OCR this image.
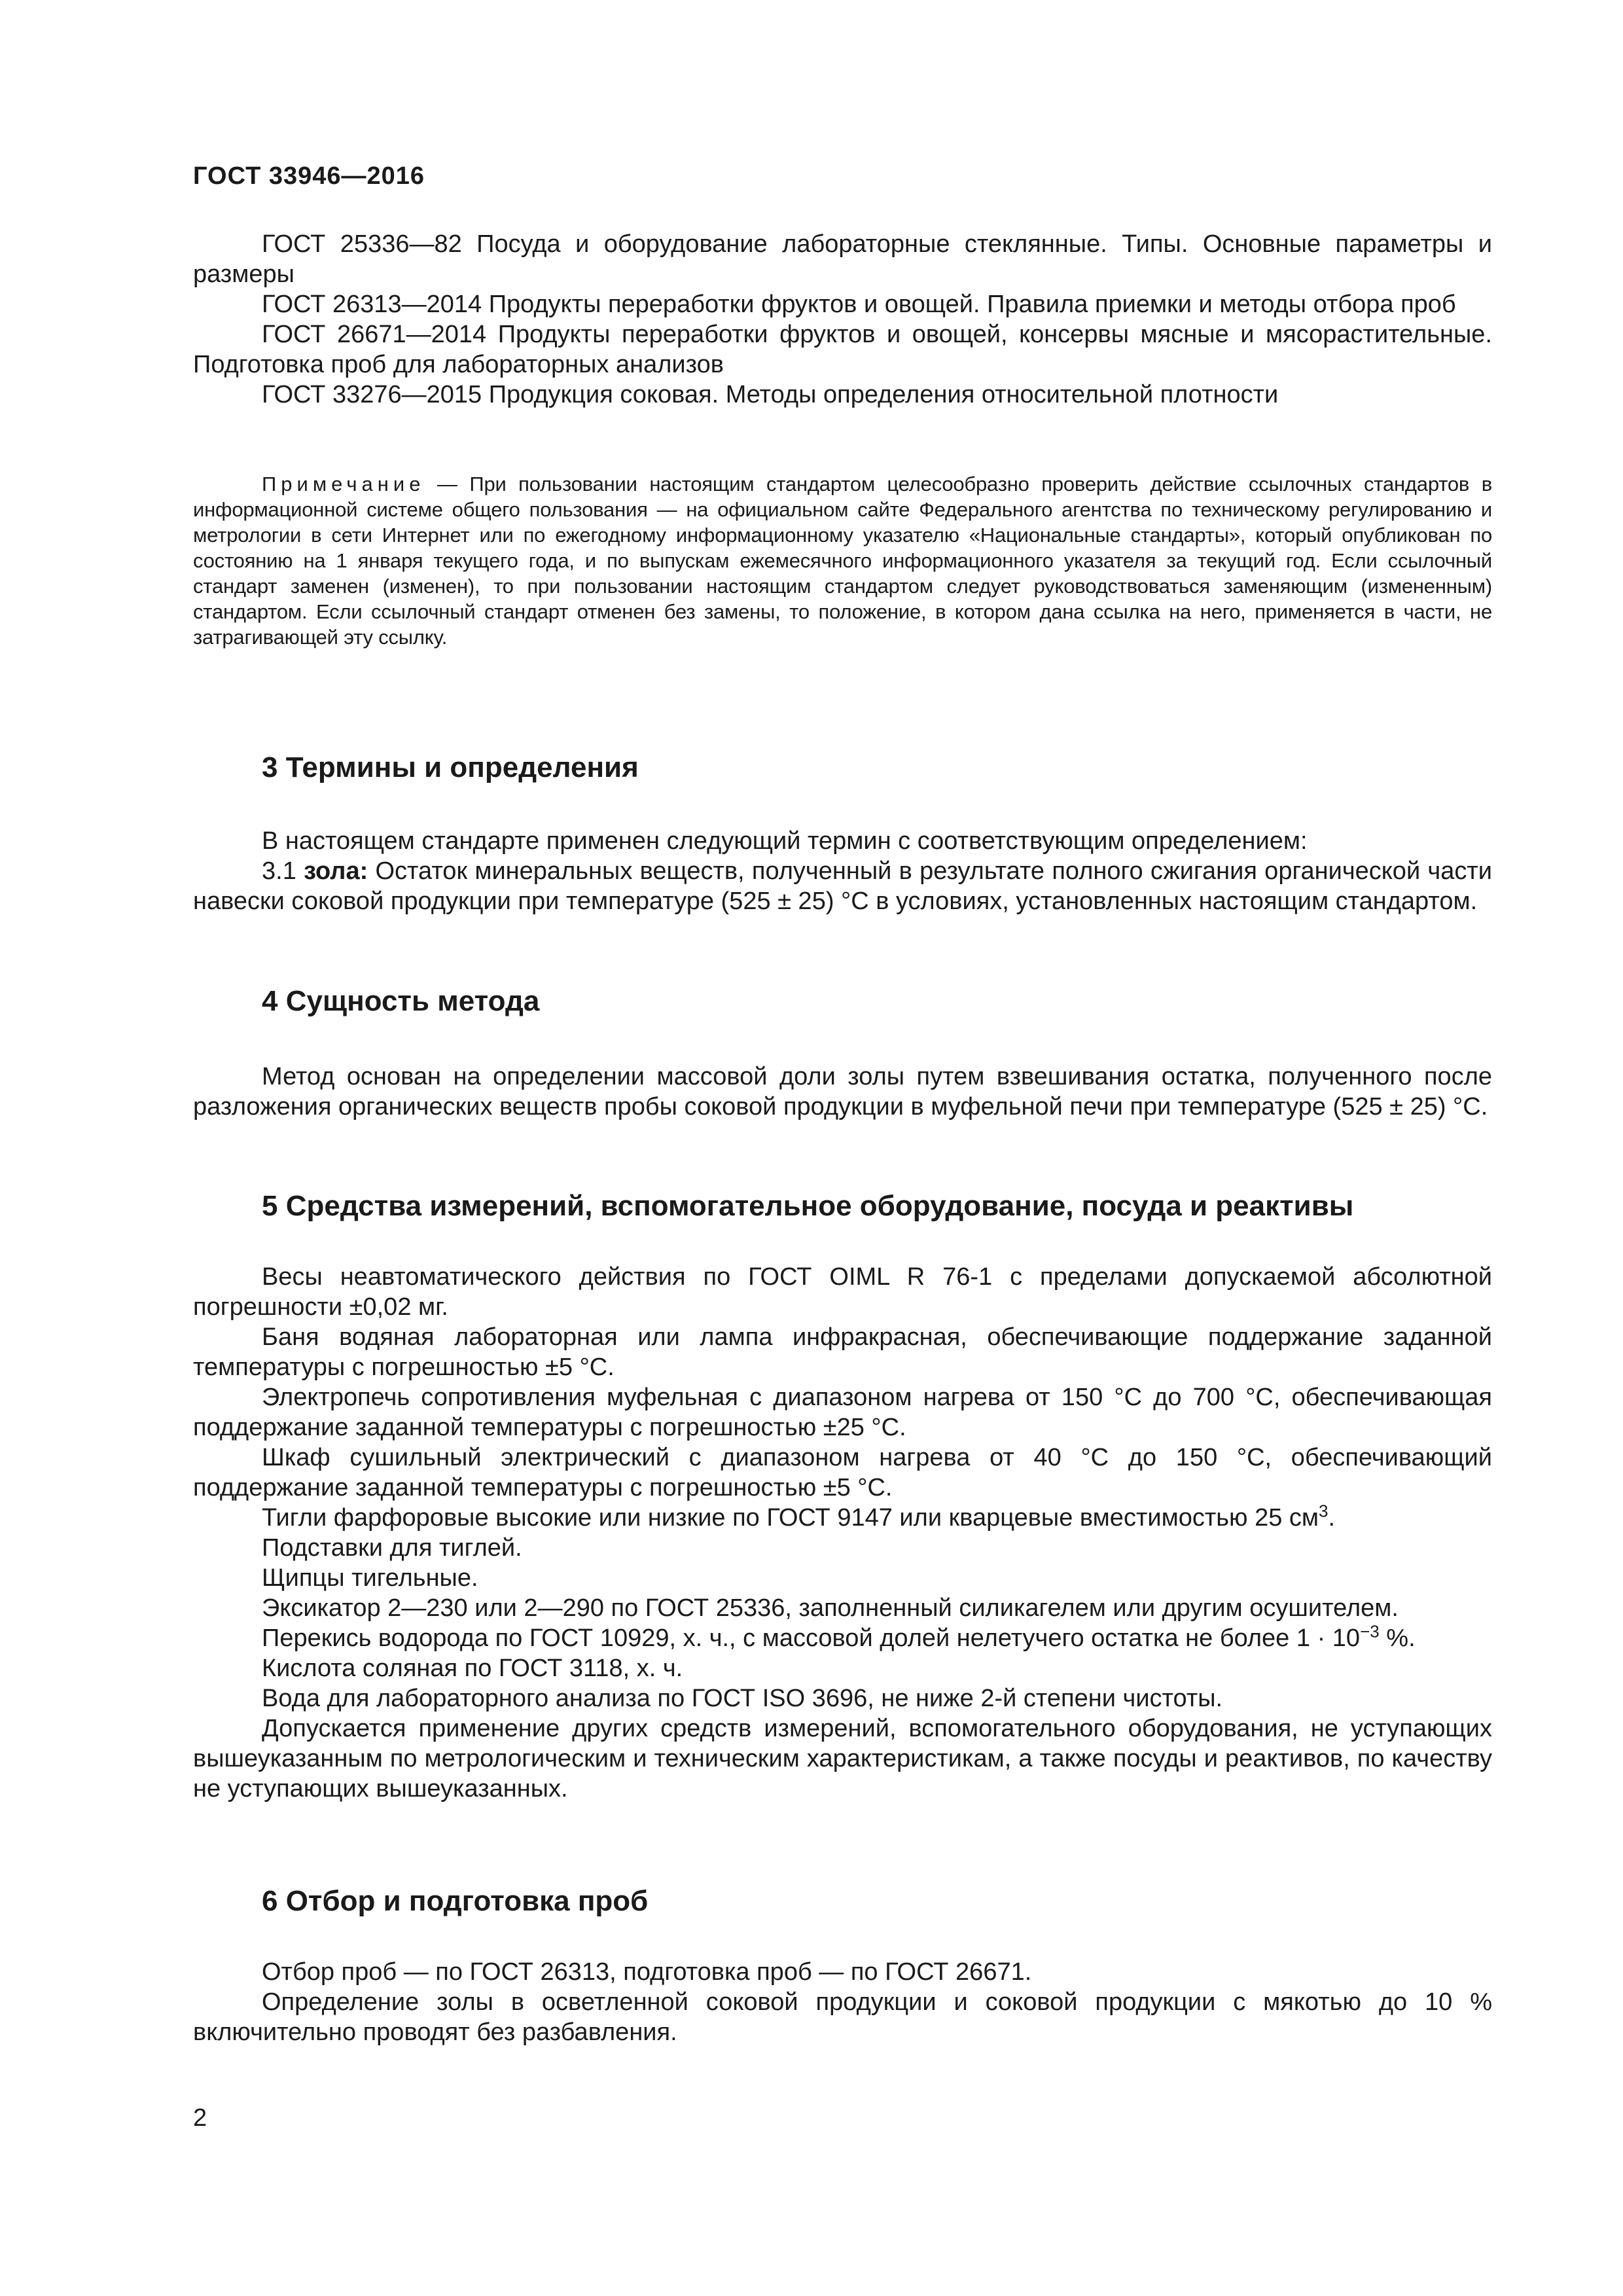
ГОСТ 33946—2016

ГОСТ 25336—82 Посуда и оборудование лабораторные стеклянные. Типы. Основные параметры и размеры

ГОСТ 26313—2014 Продукты переработки фруктов и овощей. Правила приемки и методы отбора проб

ГОСТ 26671—2014 Продукты переработки фруктов и овощей, консервы мясные и мясорастительные. Подготовка проб для лабораторных анализов

ГОСТ 33276—2015 Продукция соковая. Методы определения относительной плотности

Примечание — При пользовании настоящим стандартом целесообразно проверить действие ссылочных стандартов в информационной системе общего пользования — на официальном сайте Федерального агентства по техническому регулированию и метрологии в сети Интернет или по ежегодному информационному указателю «Национальные стандарты», который опубликован по состоянию на 1 января текущего года, и по выпускам ежемесячного информационного указателя за текущий год. Если ссылочный стандарт заменен (изменен), то при пользовании настоящим стандартом следует руководствоваться заменяющим (измененным) стандартом. Если ссылочный стандарт отменен без замены, то положение, в котором дана ссылка на него, применяется в части, не затрагивающей эту ссылку.

3 Термины и определения

В настоящем стандарте применен следующий термин с соответствующим определением:

3.1 зола: Остаток минеральных веществ, полученный в результате полного сжигания органической части навески соковой продукции при температуре (525 ± 25) °С в условиях, установленных настоящим стандартом.

4 Сущность метода

Метод основан на определении массовой доли золы путем взвешивания остатка, полученного после разложения органических веществ пробы соковой продукции в муфельной печи при температуре (525 ± 25) °С.

5 Средства измерений, вспомогательное оборудование, посуда и реактивы

Весы неавтоматического действия по ГОСТ OIML R 76-1 с пределами допускаемой абсолютной погрешности ±0,02 мг.

Баня водяная лабораторная или лампа инфракрасная, обеспечивающие поддержание заданной температуры с погрешностью ±5 °С.

Электропечь сопротивления муфельная с диапазоном нагрева от 150 °С до 700 °С, обеспечивающая поддержание заданной температуры с погрешностью ±25 °С.

Шкаф сушильный электрический с диапазоном нагрева от 40 °С до 150 °С, обеспечивающий поддержание заданной температуры с погрешностью ±5 °С.

Тигли фарфоровые высокие или низкие по ГОСТ 9147 или кварцевые вместимостью 25 $см^3$.

Подставки для тиглей.

Щипцы тигельные.

Эксикатор 2—230 или 2—290 по ГОСТ 25336, заполненный силикагелем или другим осушителем.

Перекись водорода по ГОСТ 10929, х. ч., с массовой долей нелетучего остатка не более $1 \cdot 10^{-3}$ %.

Кислота соляная по ГОСТ 3118, х. ч.

Вода для лабораторного анализа по ГОСТ ISO 3696, не ниже 2-й степени чистоты.

Допускается применение других средств измерений, вспомогательного оборудования, не уступающих вышеуказанным по метрологическим и техническим характеристикам, а также посуды и реактивов, по качеству не уступающих вышеуказанных.

6 Отбор и подготовка проб

Отбор проб — по ГОСТ 26313, подготовка проб — по ГОСТ 26671.

Определение золы в осветленной соковой продукции и соковой продукции с мякотью до 10 % включительно проводят без разбавления.

2
